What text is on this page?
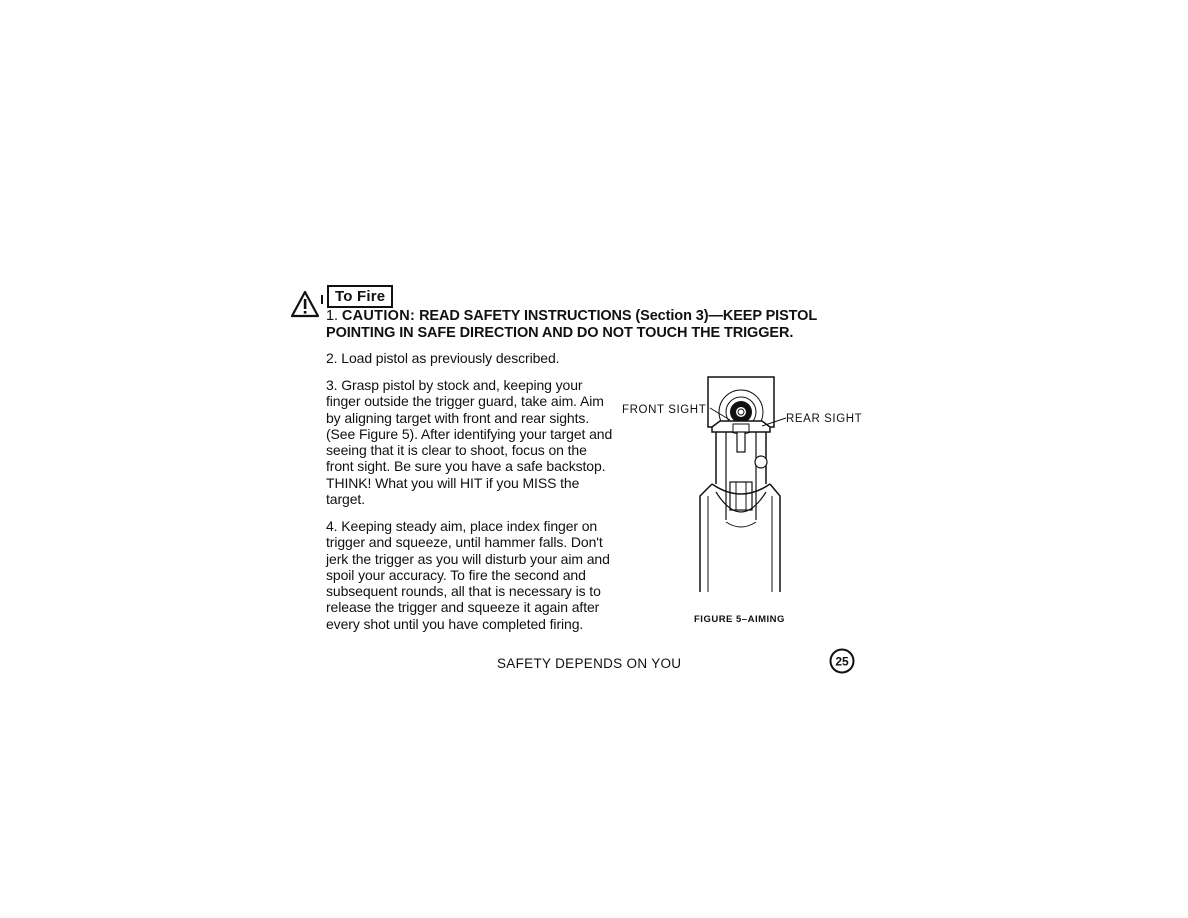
To Fire
1. CAUTION: READ SAFETY INSTRUCTIONS (Section 3)—KEEP PISTOL POINTING IN SAFE DIRECTION AND DO NOT TOUCH THE TRIGGER.
2. Load pistol as previously described.
3. Grasp pistol by stock and, keeping your finger outside the trigger guard, take aim. Aim by aligning target with front and rear sights. (See Figure 5). After identifying your target and seeing that it is clear to shoot, focus on the front sight. Be sure you have a safe backstop. THINK! What you will HIT if you MISS the target.
4. Keeping steady aim, place index finger on trigger and squeeze, until hammer falls. Don't jerk the trigger as you will disturb your aim and spoil your accuracy. To fire the second and subsequent rounds, all that is necessary is to release the trigger and squeeze it again after every shot until you have completed firing.
FRONT SIGHT
REAR SIGHT
FIGURE 5–AIMING
SAFETY DEPENDS ON YOU	25
